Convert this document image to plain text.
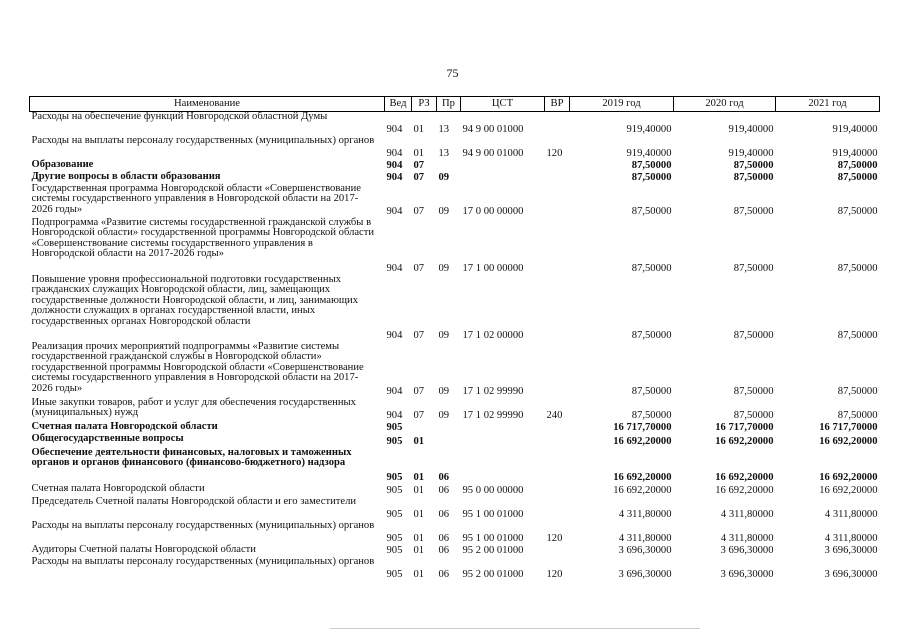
75
Наименование	Вед	РЗ	Пр	ЦСТ	ВР	2019 год	2020 год	2021 год
Расходы на обеспечение функций Новгородской областной Думы	904	01	13	94 9 00 01000		919,40000	919,40000	919,40000
Расходы на выплаты персоналу государственных (муниципальных) органов	904	01	13	94 9 00 01000	120	919,40000	919,40000	919,40000
Образование	904	07				87,50000	87,50000	87,50000
Другие вопросы в области образования	904	07	09			87,50000	87,50000	87,50000
Государственная программа Новгородской области «Совершенствование системы государственного управления в Новгородской области на 2017-2026 годы»	904	07	09	17 0 00 00000		87,50000	87,50000	87,50000
Подпрограмма «Развитие системы государственной гражданской службы в Новгородской области» государственной программы Новгородской области «Совершенствование системы государственного управления в Новгородской области на 2017-2026 годы»	904	07	09	17 1 00 00000		87,50000	87,50000	87,50000
Повышение уровня профессиональной подготовки государственных гражданских служащих Новгородской области, лиц, замещающих государственные должности Новгородской области, и лиц, занимающих должности служащих в органах государственной власти, иных государственных органах Новгородской области	904	07	09	17 1 02 00000		87,50000	87,50000	87,50000
Реализация прочих мероприятий подпрограммы «Развитие системы государственной гражданской службы в Новгородской области» государственной программы Новгородской области «Совершенствование системы государственного управления в Новгородской области на 2017-2026 годы»	904	07	09	17 1 02 99990		87,50000	87,50000	87,50000
Иные закупки товаров, работ и услуг для обеспечения государственных (муниципальных) нужд	904	07	09	17 1 02 99990	240	87,50000	87,50000	87,50000
Счетная палата Новгородской области	905					16 717,70000	16 717,70000	16 717,70000
Общегосударственные вопросы	905	01				16 692,20000	16 692,20000	16 692,20000
Обеспечение деятельности финансовых, налоговых и таможенных органов и органов финансового (финансово-бюджетного) надзора	905	01	06			16 692,20000	16 692,20000	16 692,20000
Счетная палата Новгородской области	905	01	06	95 0 00 00000		16 692,20000	16 692,20000	16 692,20000
Председатель Счетной палаты Новгородской области и его заместители	905	01	06	95 1 00 01000		4 311,80000	4 311,80000	4 311,80000
Расходы на выплаты персоналу государственных (муниципальных) органов	905	01	06	95 1 00 01000	120	4 311,80000	4 311,80000	4 311,80000
Аудиторы Счетной палаты Новгородской области	905	01	06	95 2 00 01000		3 696,30000	3 696,30000	3 696,30000
Расходы на выплаты персоналу государственных (муниципальных) органов	905	01	06	95 2 00 01000	120	3 696,30000	3 696,30000	3 696,30000
